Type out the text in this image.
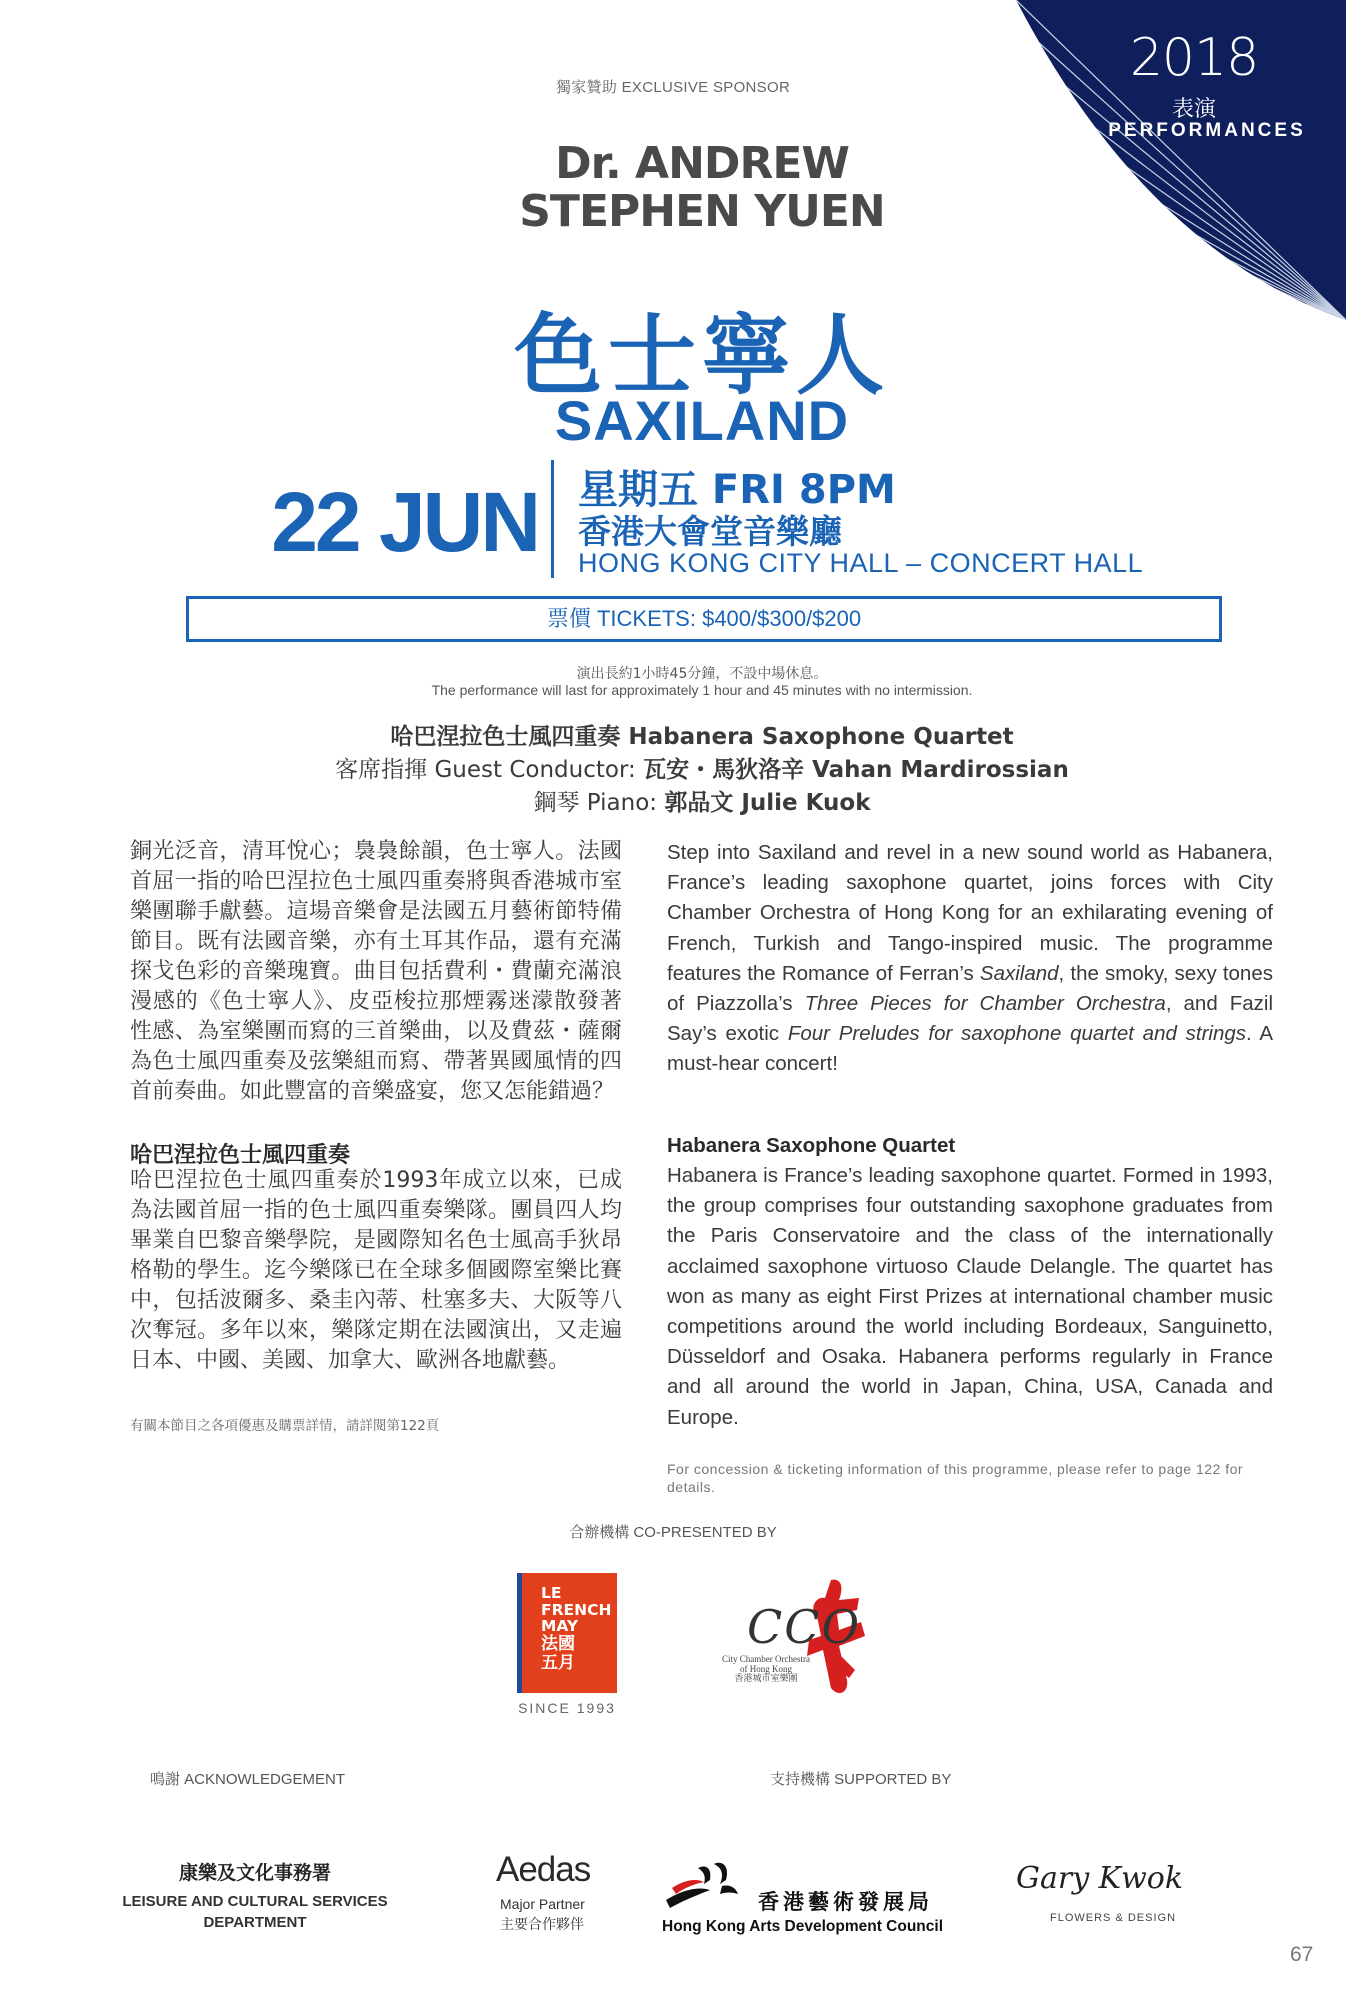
2018
表演
PERFORMANCES
獨家贊助 EXCLUSIVE SPONSOR
Dr. ANDREW
STEPHEN YUEN
色士寧人
SAXILAND
22 JUN 星期五 FRI 8PM
香港大會堂音樂廳
HONG KONG CITY HALL – CONCERT HALL
票價 TICKETS: $400/$300/$200
演出長約1小時45分鐘，不設中場休息。
The performance will last for approximately 1 hour and 45 minutes with no intermission.
哈巴涅拉色士風四重奏 Habanera Saxophone Quartet
客席指揮 Guest Conductor: 瓦安・馬狄洛辛 Vahan Mardirossian
鋼琴 Piano: 郭品文 Julie Kuok
銅光泛音，清耳悅心；裊裊餘韻，色士寧人。法國首屈一指的哈巴涅拉色士風四重奏將與香港城市室樂團聯手獻藝。這場音樂會是法國五月藝術節特備節目。既有法國音樂，亦有土耳其作品，還有充滿探戈色彩的音樂瑰寶。曲目包括費利・費蘭充滿浪漫感的《色士寧人》、皮亞梭拉那煙霧迷濛散發著性感、為室樂團而寫的三首樂曲，以及費茲・薩爾為色士風四重奏及弦樂組而寫、帶著異國風情的四首前奏曲。如此豐富的音樂盛宴，您又怎能錯過？
哈巴涅拉色士風四重奏
哈巴涅拉色士風四重奏於1993年成立以來，已成為法國首屈一指的色士風四重奏樂隊。團員四人均畢業自巴黎音樂學院，是國際知名色士風高手狄昂格勒的學生。迄今樂隊已在全球多個國際室樂比賽中，包括波爾多、桑圭內蒂、杜塞多夫、大阪等八次奪冠。多年以來，樂隊定期在法國演出，又走遍日本、中國、美國、加拿大、歐洲各地獻藝。
有關本節目之各項優惠及購票詳情，請詳閱第122頁
Step into Saxiland and revel in a new sound world as Habanera, France’s leading saxophone quartet, joins forces with City Chamber Orchestra of Hong Kong for an exhilarating evening of French, Turkish and Tango-inspired music. The programme features the Romance of Ferran’s Saxiland, the smoky, sexy tones of Piazzolla’s Three Pieces for Chamber Orchestra, and Fazil Say’s exotic Four Preludes for saxophone quartet and strings. A must-hear concert!
Habanera Saxophone Quartet
Habanera is France’s leading saxophone quartet. Formed in 1993, the group comprises four outstanding saxophone graduates from the Paris Conservatoire and the class of the internationally acclaimed saxophone virtuoso Claude Delangle. The quartet has won as many as eight First Prizes at international chamber music competitions around the world including Bordeaux, Sanguinetto, Düsseldorf and Osaka. Habanera performs regularly in France and all around the world in Japan, China, USA, Canada and Europe.
For concession & ticketing information of this programme, please refer to page 122 for details.
合辦機構 CO-PRESENTED BY
LE
FRENCH
MAY
法國
五月
SINCE 1993
CCO
City Chamber Orchestra
of Hong Kong
香港城市室樂團
鳴謝 ACKNOWLEDGEMENT	支持機構 SUPPORTED BY
康樂及文化事務署
LEISURE AND CULTURAL SERVICES
DEPARTMENT
Aedas
Major Partner
主要合作夥伴
香港藝術發展局
Hong Kong Arts Development Council
Gary Kwok
FLOWERS & DESIGN
67
